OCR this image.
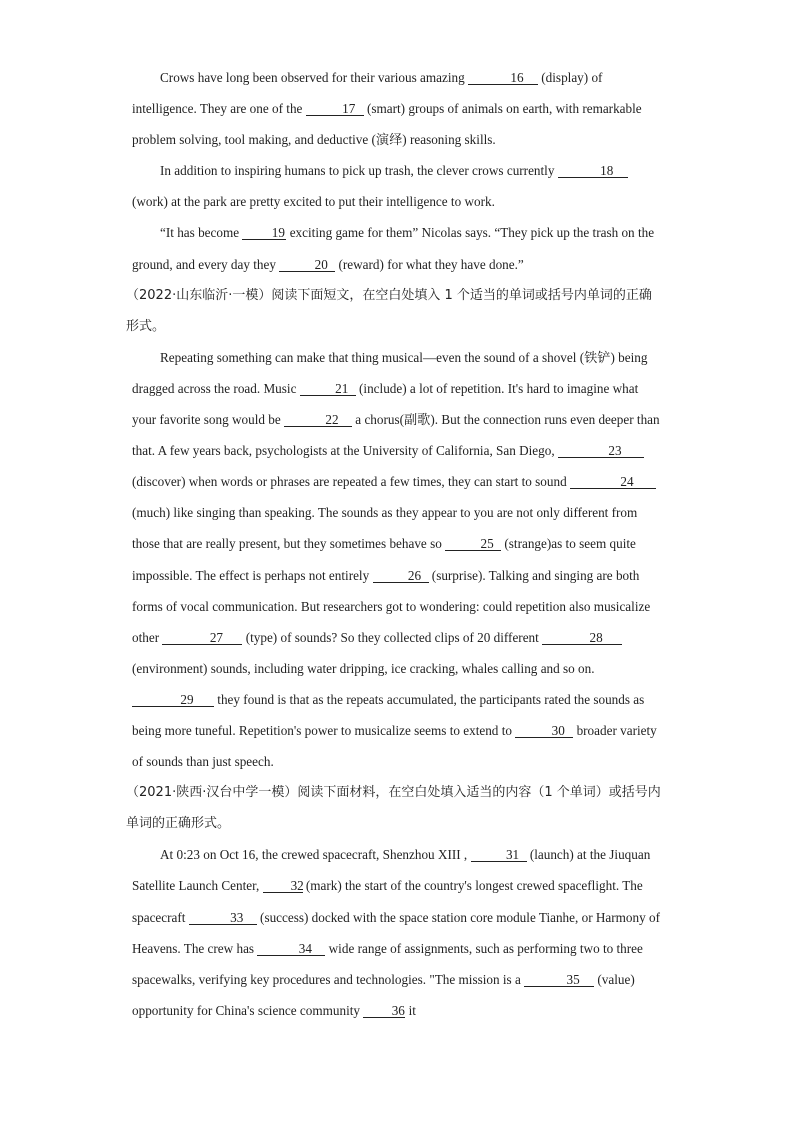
Crows have long been observed for their various amazing	16 (display) of intelligence. They are one of the	17 (smart) groups of animals on earth, with remarkable problem solving, tool making, and deductive (演绎) reasoning skills.

In addition to inspiring humans to pick up trash, the clever crows currently	18 (work) at the park are pretty excited to put their intelligence to work.

“It has become 19 exciting game for them” Nicolas says. “They pick up the trash on the ground, and every day they	20 (reward) for what they have done.”

（2022·山东临沂·一模）阅读下面短文，在空白处填入 1 个适当的单词或括号内单词的正确形式。

Repeating something can make that thing musical—even the sound of a shovel (铁铲) being dragged across the road. Music	21 (include) a lot of repetition. It's hard to imagine what your favorite song would be	22 a chorus(副歌). But the connection runs even deeper than that. A few years back, psychologists at the University of California, San Diego,	23 (discover) when words or phrases are repeated a few times, they can start to sound	24 (much) like singing than speaking. The sounds as they appear to you are not only different from those that are really present, but they sometimes behave so	25 (strange)as to seem quite impossible. The effect is perhaps not entirely	26 (surprise). Talking and singing are both forms of vocal communication. But researchers got to wondering: could repetition also musicalize other	27 (type) of sounds? So they collected clips of 20 different	28 (environment) sounds, including water dripping, ice cracking, whales calling and so on. 29 they found is that as the repeats accumulated, the participants rated the sounds as being more tuneful. Repetition's power to musicalize seems to extend to	30 broader variety of sounds than just speech.

（2021·陕西·汉台中学一模）阅读下面材料，在空白处填入适当的内容（1 个单词）或括号内单词的正确形式。

At 0:23 on Oct 16, the crewed spacecraft, Shenzhou XIII ,	31 (launch) at the Jiuquan Satellite Launch Center, 32 (mark) the start of the country's longest crewed spaceflight. The spacecraft	33 (success) docked with the space station core module Tianhe, or Harmony of Heavens. The crew has	34 wide range of assignments, such as performing two to three spacewalks, verifying key procedures and technologies. "The mission is a	35 (value) opportunity for China's science community 36 it
